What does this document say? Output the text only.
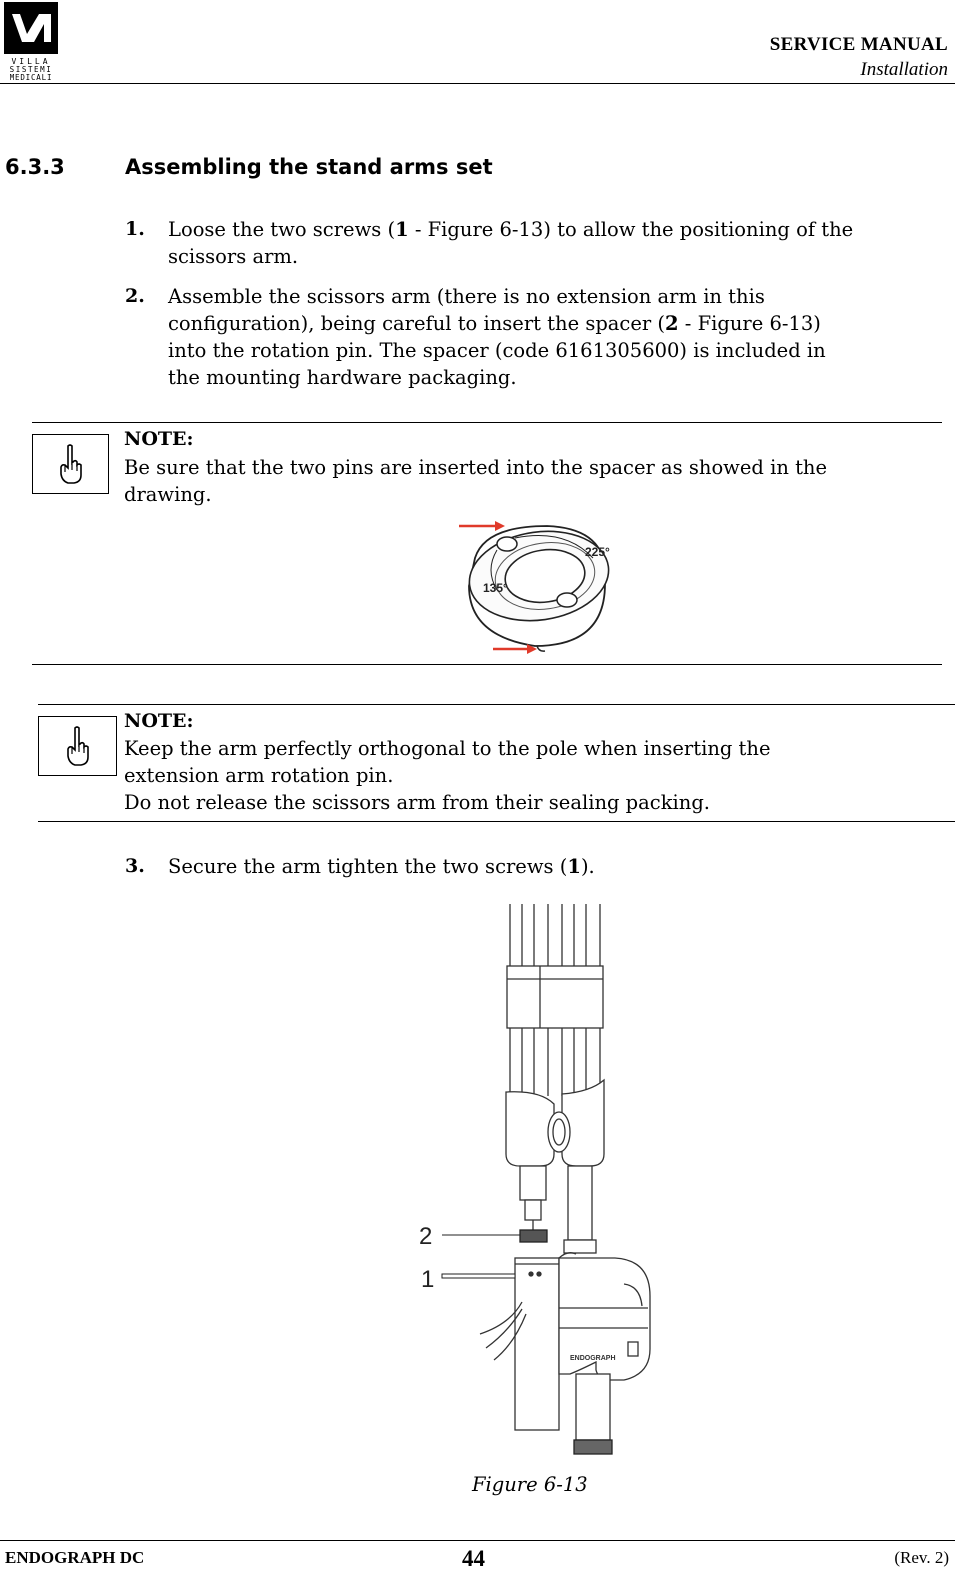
VILLA
SISTEMI
MEDICALI
SERVICE MANUAL
Installation
6.3.3	Assembling the stand arms set
1. Loose the two screws (1 - Figure 6-13) to allow the positioning of the
scissors arm.
2. Assemble the scissors arm (there is no extension arm in this
configuration), being careful to insert the spacer (2 - Figure 6-13)
into the rotation pin. The spacer (code 6161305600) is included in
the mounting hardware packaging.
NOTE:
Be sure that the two pins are inserted into the spacer as showed in the
drawing.
225°
135°
NOTE:
Keep the arm perfectly orthogonal to the pole when inserting the
extension arm rotation pin.
Do not release the scissors arm from their sealing packing.
3. Secure the arm tighten the two screws (1).
ENDOGRAPH
2
1
Figure 6-13
ENDOGRAPH DC	44	(Rev. 2)
